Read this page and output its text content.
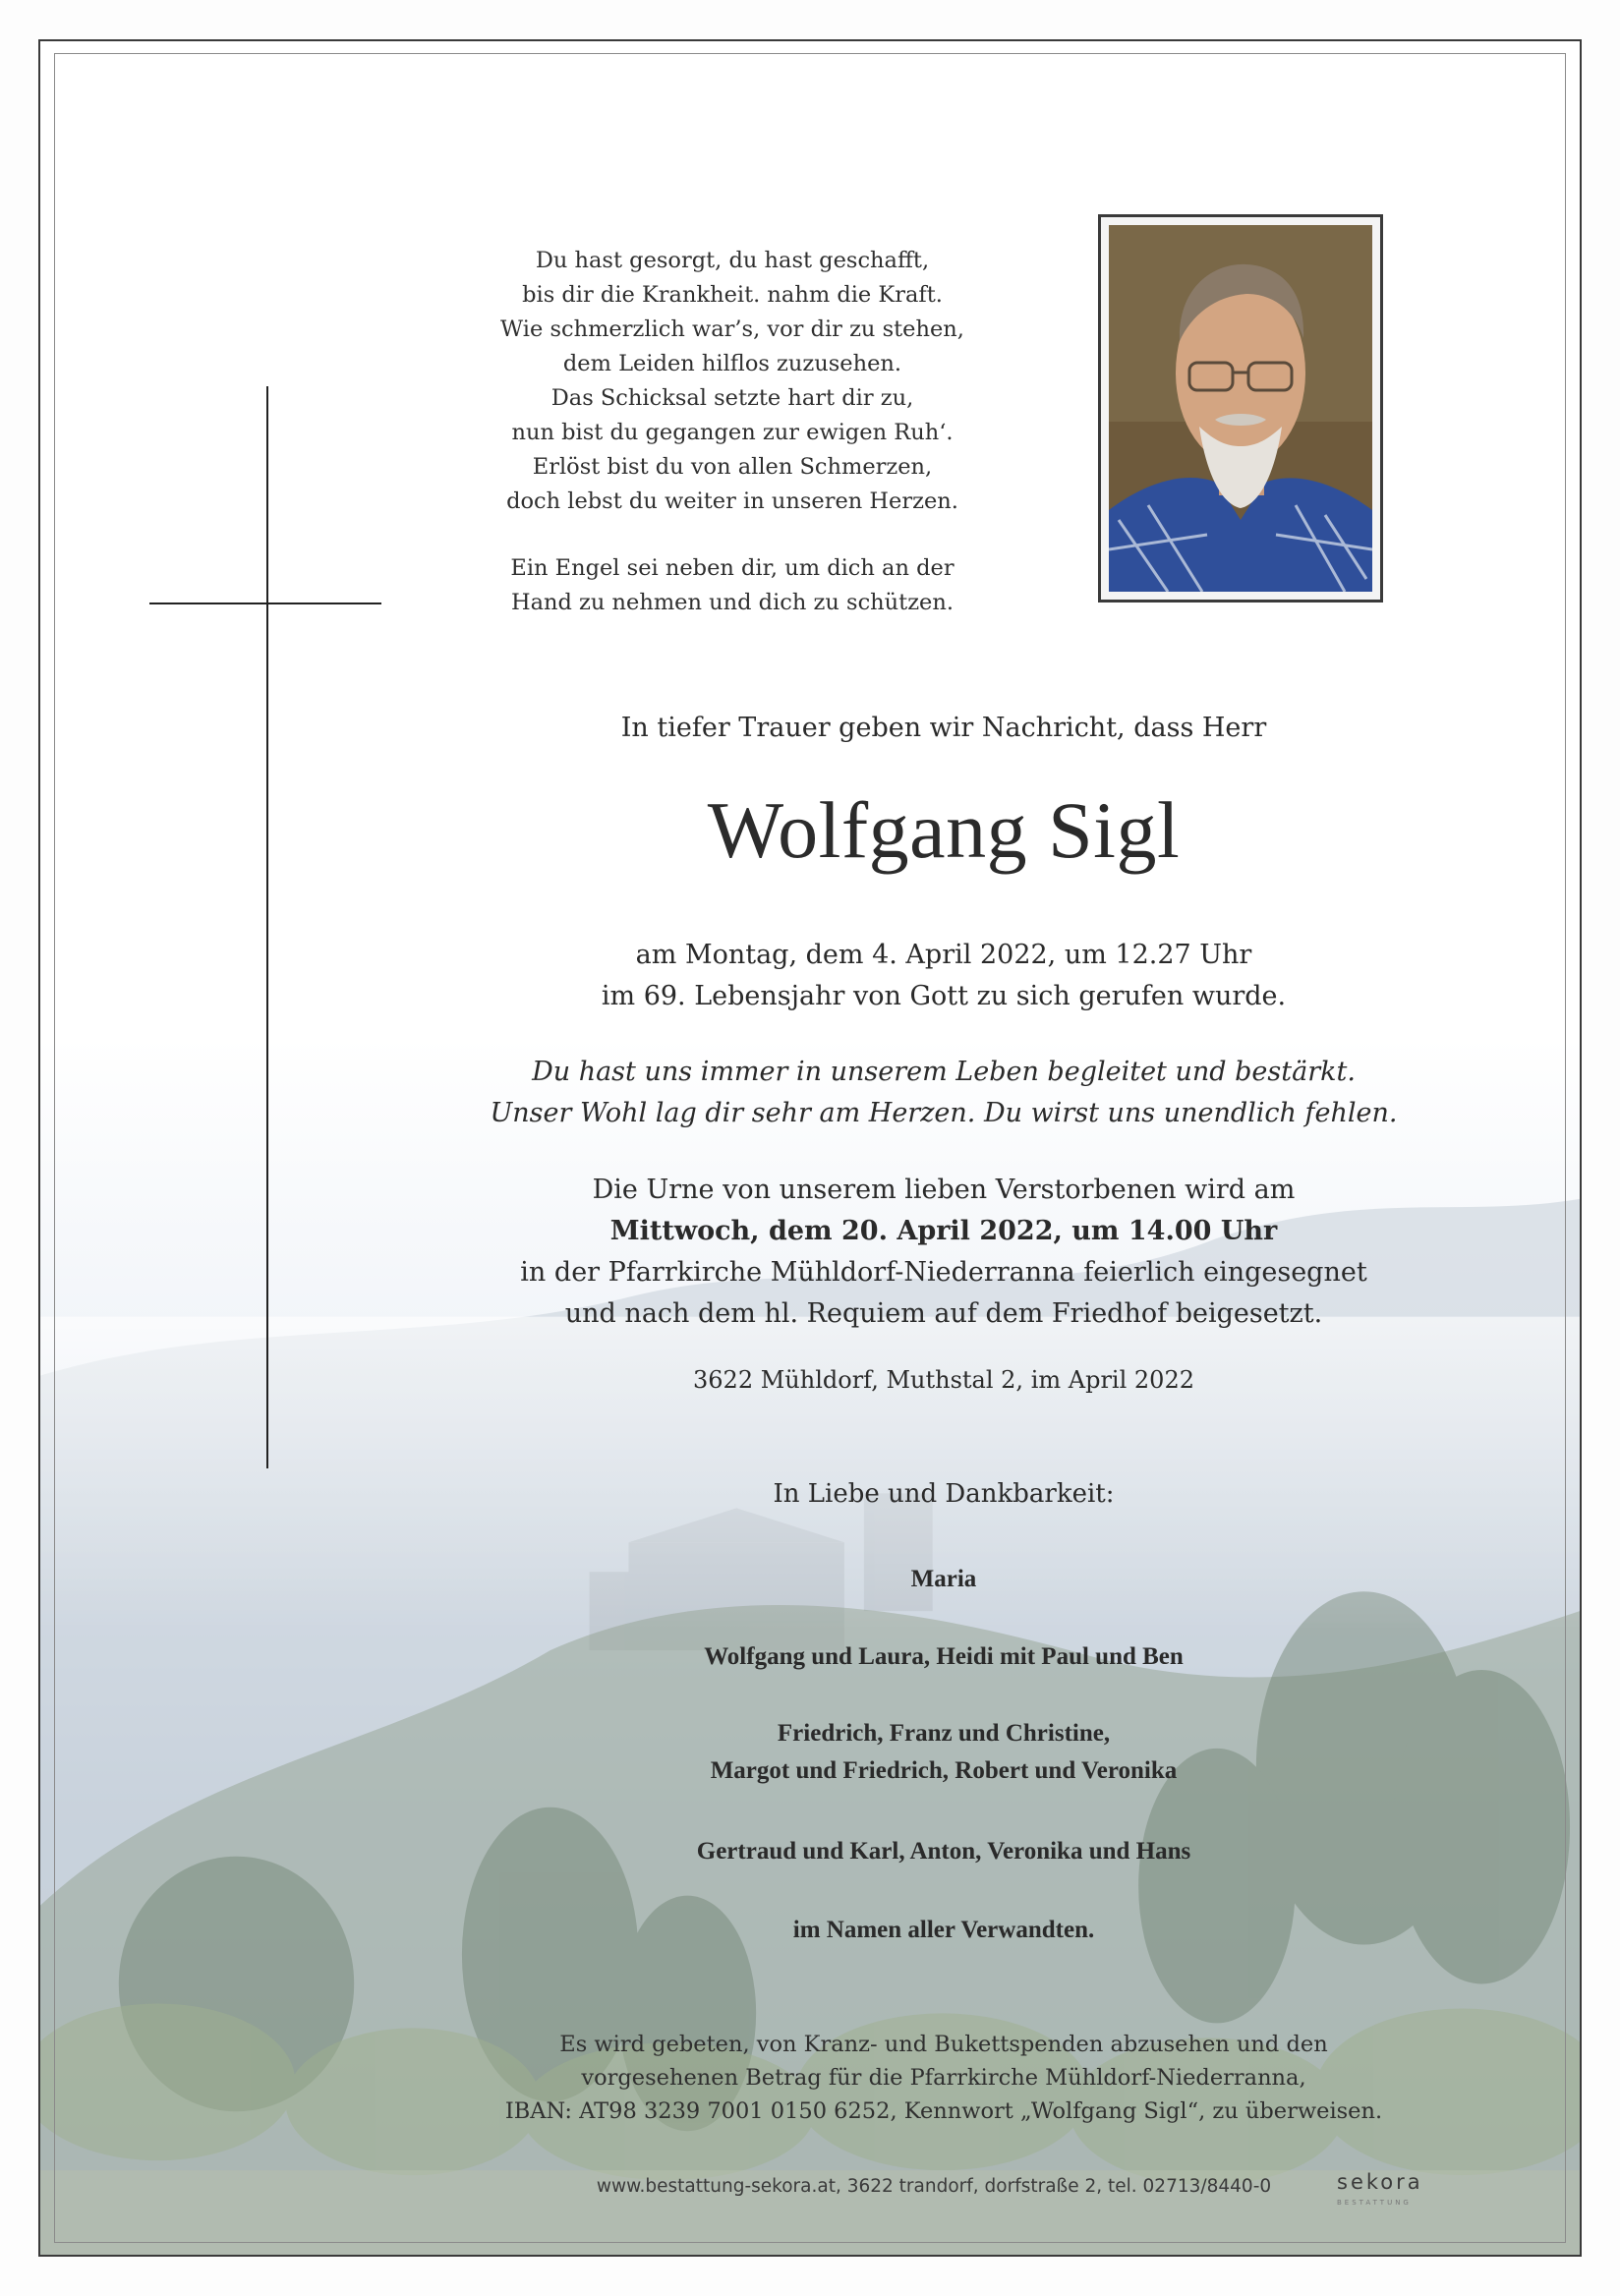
Du hast gesorgt, du hast geschafft,
bis dir die Krankheit. nahm die Kraft.
Wie schmerzlich war’s, vor dir zu stehen,
dem Leiden hilflos zuzusehen.
Das Schicksal setzte hart dir zu,
nun bist du gegangen zur ewigen Ruh‘.
Erlöst bist du von allen Schmerzen,
doch lebst du weiter in unseren Herzen.
Ein Engel sei neben dir, um dich an der
Hand zu nehmen und dich zu schützen.
In tiefer Trauer geben wir Nachricht, dass Herr
Wolfgang Sigl
am Montag, dem 4. April 2022, um 12.27 Uhr
im 69. Lebensjahr von Gott zu sich gerufen wurde.
Du hast uns immer in unserem Leben begleitet und bestärkt.
Unser Wohl lag dir sehr am Herzen. Du wirst uns unendlich fehlen.
Die Urne von unserem lieben Verstorbenen wird am
Mittwoch, dem 20. April 2022, um 14.00 Uhr
in der Pfarrkirche Mühldorf-Niederranna feierlich eingesegnet
und nach dem hl. Requiem auf dem Friedhof beigesetzt.
3622 Mühldorf, Muthstal 2, im April 2022
In Liebe und Dankbarkeit:
Maria
Wolfgang und Laura, Heidi mit Paul und Ben
Friedrich, Franz und Christine,
Margot und Friedrich, Robert und Veronika
Gertraud und Karl, Anton, Veronika und Hans
im Namen aller Verwandten.
Es wird gebeten, von Kranz- und Bukettspenden abzusehen und den
vorgesehenen Betrag für die Pfarrkirche Mühldorf-Niederranna,
IBAN: AT98 3239 7001 0150 6252, Kennwort „Wolfgang Sigl“, zu überweisen.
www.bestattung-sekora.at, 3622 trandorf, dorfstraße 2, tel. 02713/8440-0	sekora
BESTATTUNG
